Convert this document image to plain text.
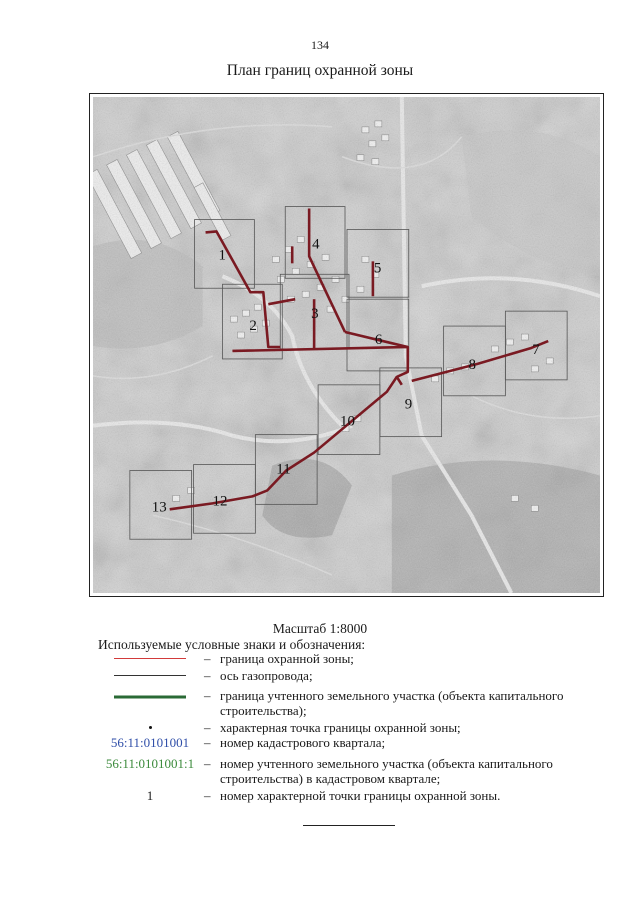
134
План границ охранной зоны
1
2
3
4
5
6
7
8
9
10
11
12
13
Масштаб 1:8000
Используемые условные знаки и обозначения:
– граница охранной зоны;
– ось газопровода;
– граница учтенного земельного участка (объекта капитального строительства);
– характерная точка границы охранной зоны;
56:11:0101001	– номер кадастрового квартала;
56:11:0101001:1 – номер учтенного земельного участка (объекта капитального строительства) в кадастровом квартале;
1	– номер характерной точки границы охранной зоны.
